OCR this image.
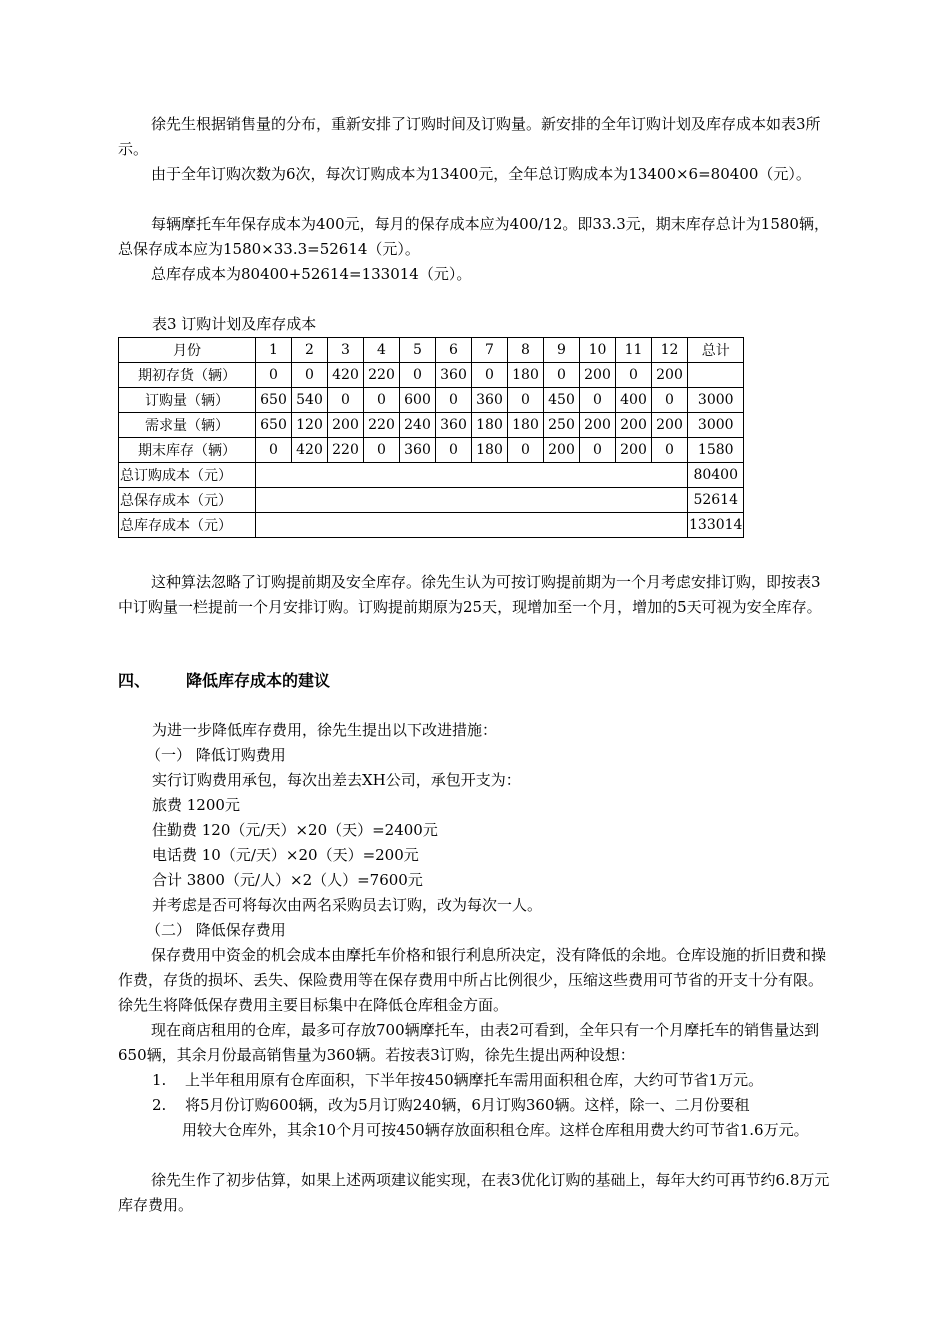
徐先生根据销售量的分布，重新安排了订购时间及订购量。新安排的全年订购计划及库存成本如表3所示。

由于全年订购次数为6次，每次订购成本为13400元，全年总订购成本为13400×6=80400（元）。

每辆摩托车年保存成本为400元，每月的保存成本应为400/12。即33.3元，期末库存总计为1580辆，总保存成本应为1580×33.3=52614（元）。

总库存成本为80400+52614=133014（元）。

表3 订购计划及库存成本
月份	1	2	3	4	5	6	7	8	9	10	11	12	总计
期初存货（辆）	0	0	420	220	0	360	0	180	0	200	0	200	
订购量（辆）	650	540	0	0	600	0	360	0	450	0	400	0	3000
需求量（辆）	650	120	200	220	240	360	180	180	250	200	200	200	3000
期末库存（辆）	0	420	220	0	360	0	180	0	200	0	200	0	1580
总订购成本（元）													80400
总保存成本（元）													52614
总库存成本（元）													133014

这种算法忽略了订购提前期及安全库存。徐先生认为可按订购提前期为一个月考虑安排订购，即按表3中订购量一栏提前一个月安排订购。订购提前期原为25天，现增加至一个月，增加的5天可视为安全库存。

四、 降低库存成本的建议

为进一步降低库存费用，徐先生提出以下改进措施：

（一） 降低订购费用

实行订购费用承包，每次出差去XH公司，承包开支为：

旅费 1200元

住勤费 120（元/天）×20（天）=2400元

电话费 10（元/天）×20（天）=200元

合计 3800（元/人）×2（人）=7600元

并考虑是否可将每次由两名采购员去订购，改为每次一人。

（二） 降低保存费用

保存费用中资金的机会成本由摩托车价格和银行利息所决定，没有降低的余地。仓库设施的折旧费和操作费，存货的损坏、丢失、保险费用等在保存费用中所占比例很少，压缩这些费用可节省的开支十分有限。徐先生将降低保存费用主要目标集中在降低仓库租金方面。

现在商店租用的仓库，最多可存放700辆摩托车，由表2可看到，全年只有一个月摩托车的销售量达到650辆，其余月份最高销售量为360辆。若按表3订购，徐先生提出两种设想：

1. 上半年租用原有仓库面积，下半年按450辆摩托车需用面积租仓库，大约可节省1万元。

2. 将5月份订购600辆，改为5月订购240辆，6月订购360辆。这样，除一、二月份要租

用较大仓库外，其余10个月可按450辆存放面积租仓库。这样仓库租用费大约可节省1.6万元。

徐先生作了初步估算，如果上述两项建议能实现，在表3优化订购的基础上，每年大约可再节约6.8万元库存费用。
